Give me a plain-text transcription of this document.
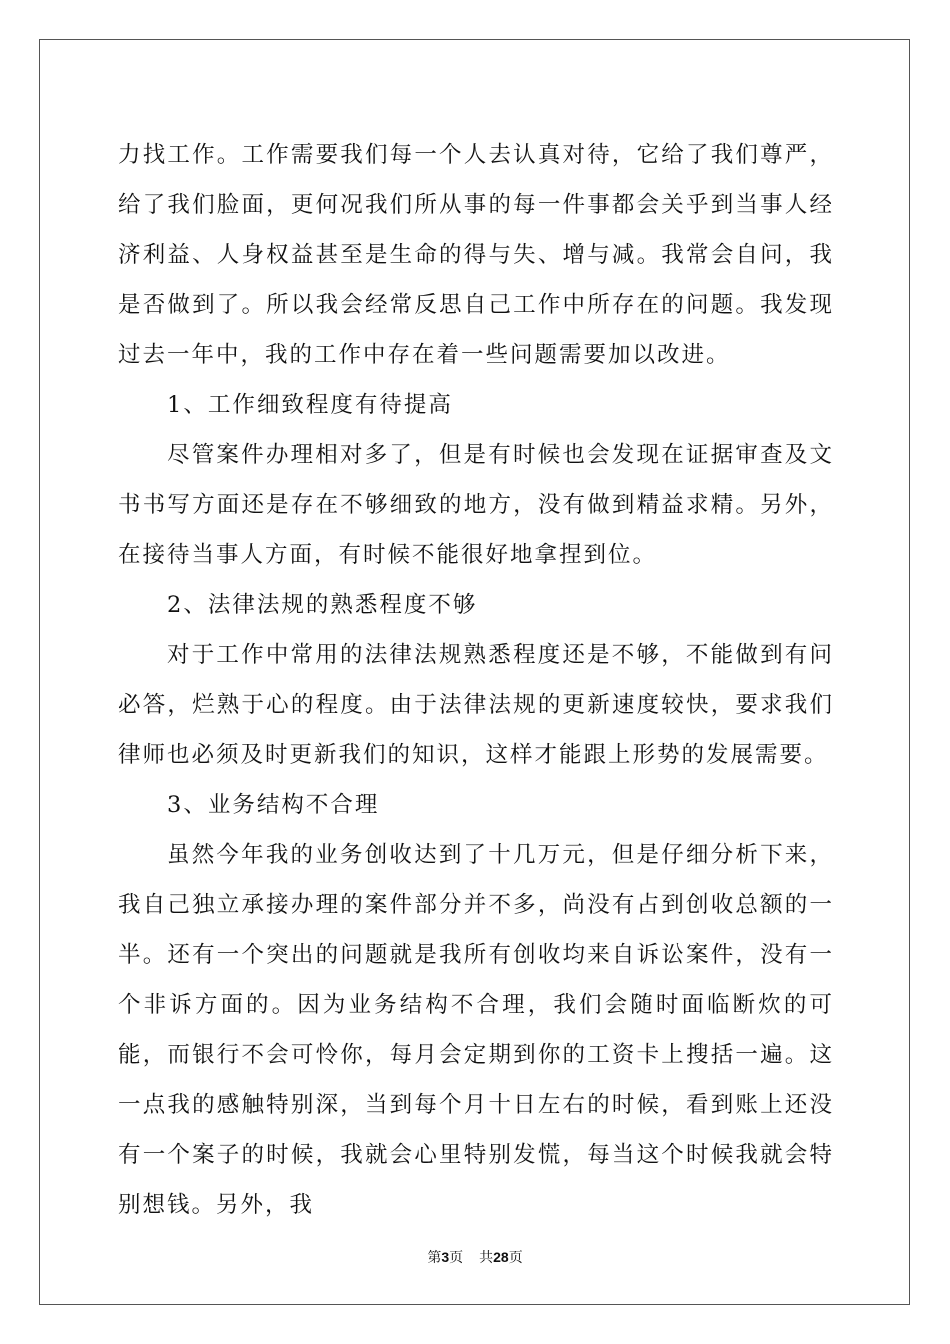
力找工作。工作需要我们每一个人去认真对待，它给了我们尊严，给了我们脸面，更何况我们所从事的每一件事都会关乎到当事人经济利益、人身权益甚至是生命的得与失、增与减。我常会自问，我是否做到了。所以我会经常反思自己工作中所存在的问题。我发现过去一年中，我的工作中存在着一些问题需要加以改进。

1、工作细致程度有待提高

尽管案件办理相对多了，但是有时候也会发现在证据审查及文书书写方面还是存在不够细致的地方，没有做到精益求精。另外，在接待当事人方面，有时候不能很好地拿捏到位。

2、法律法规的熟悉程度不够

对于工作中常用的法律法规熟悉程度还是不够，不能做到有问必答，烂熟于心的程度。由于法律法规的更新速度较快，要求我们律师也必须及时更新我们的知识，这样才能跟上形势的发展需要。

3、业务结构不合理

虽然今年我的业务创收达到了十几万元，但是仔细分析下来，我自己独立承接办理的案件部分并不多，尚没有占到创收总额的一半。还有一个突出的问题就是我所有创收均来自诉讼案件，没有一个非诉方面的。因为业务结构不合理，我们会随时面临断炊的可能，而银行不会可怜你，每月会定期到你的工资卡上搜括一遍。这一点我的感触特别深，当到每个月十日左右的时候，看到账上还没有一个案子的时候，我就会心里特别发慌，每当这个时候我就会特别想钱。另外，我

第3页 共28页
